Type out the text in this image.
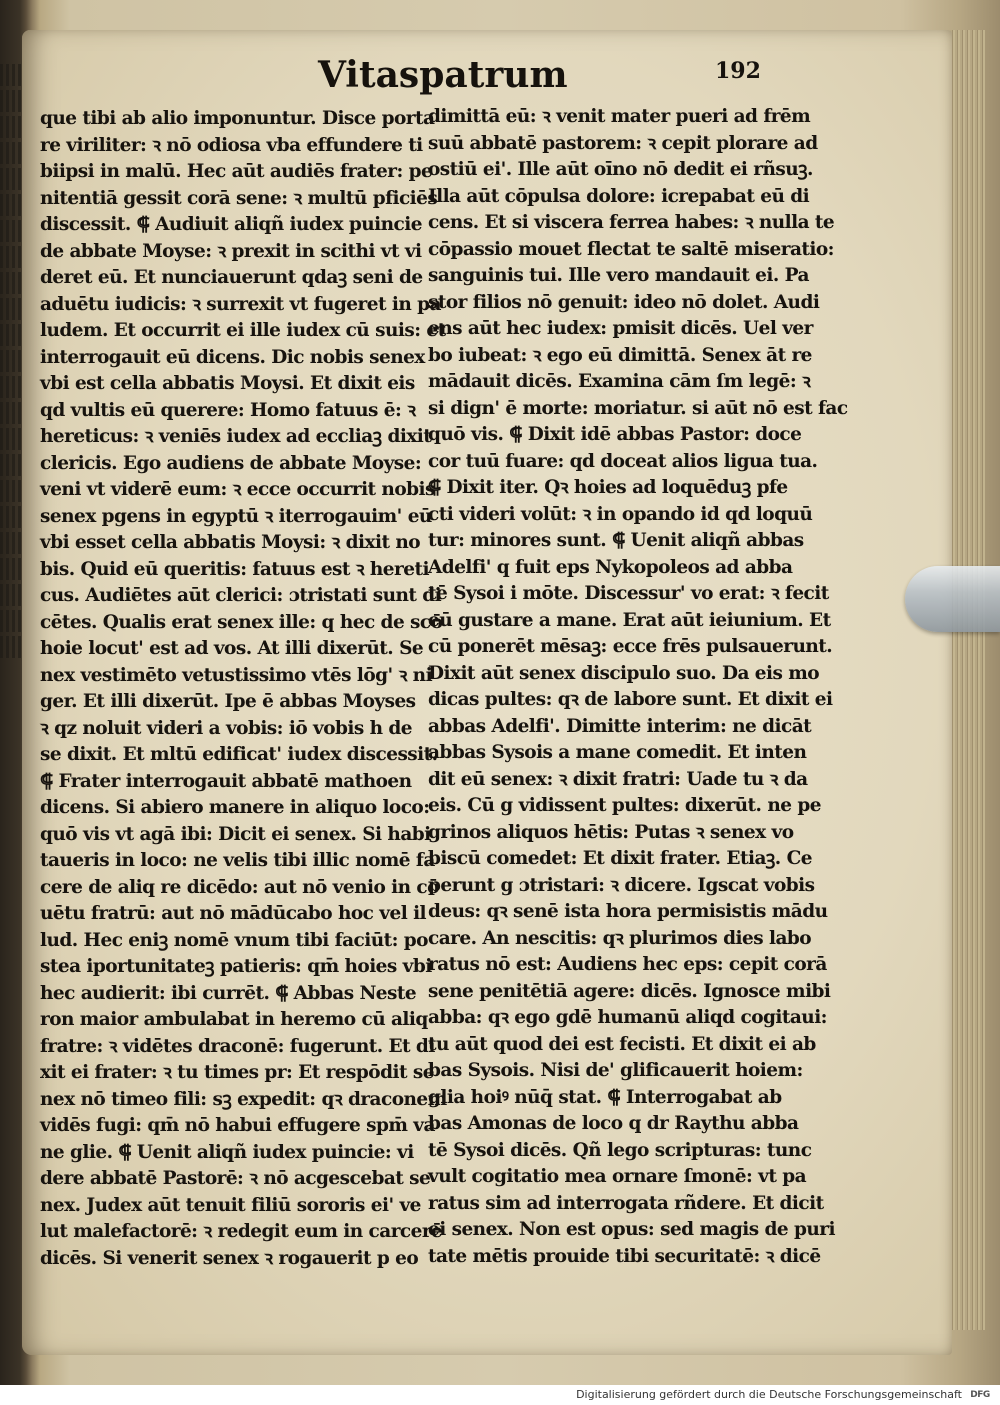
Vitaspatrum	192
que tibi ab alio imponuntur. Disce porta
re viriliter: ꝛ nō odiosa vba effundere ti
biipsi in malū. Hec aūt audiēs frater: pe
nitentiā gessit corā sene: ꝛ multū pficiēs
discessit. ⸿ Audiuit aliqñ iudex puincie
de abbate Moyse: ꝛ prexit in scithi vt vi
deret eū. Et nunciauerunt qdaꝫ seni de
aduētu iudicis: ꝛ surrexit vt fugeret in pa
ludem. Et occurrit ei ille iudex cū suis: et
interrogauit eū dicens. Dic nobis senex
vbi est cella abbatis Moysi. Et dixit eis
qd vultis eū querere: Homo fatuus ē: ꝛ
hereticus: ꝛ veniēs iudex ad eccliaꝫ dixit
clericis. Ego audiens de abbate Moyse:
veni vt viderē eum: ꝛ ecce occurrit nobis
senex pgens in egyptū ꝛ iterrogauim' eū
vbi esset cella abbatis Moysi: ꝛ dixit no
bis. Quid eū queritis: fatuus est ꝛ hereti
cus. Audiētes aūt clerici: ɔtristati sunt di
cētes. Qualis erat senex ille: q hec de scō
hoie locut' est ad vos. At illi dixerūt. Se
nex vestimēto vetustissimo vtēs lōg' ꝛ ni
ger. Et illi dixerūt. Ipe ē abbas Moyses
ꝛ qz noluit videri a vobis: iō vobis h de
se dixit. Et mltū edificat' iudex discessit.
⸿ Frater interrogauit abbatē mathoen
dicens. Si abiero manere in aliquo loco:
quō vis vt agā ibi: Dicit ei senex. Si habi
taueris in loco: ne velis tibi illic nomē fa
cere de aliq re dicēdo: aut nō venio in cō
uētu fratrū: aut nō mādūcabo hoc vel il
lud. Hec eniꝫ nomē vnum tibi faciūt: po
stea iportunitateꝫ patieris: qm̄ hoies vbi
hec audierit: ibi currēt. ⸿ Abbas Neste
ron maior ambulabat in heremo cū aliq
fratre: ꝛ vidētes draconē: fugerunt. Et di
xit ei frater: ꝛ tu times pr: Et respōdit se
nex nō timeo fili: sꝫ expedit: qꝛ draconem
vidēs fugi: qm̄ nō habui effugere spm̄ va
ne glie. ⸿ Uenit aliqñ iudex puincie: vi
dere abbatē Pastorē: ꝛ nō acgescebat se
nex. Judex aūt tenuit filiū sororis ei' ve
lut malefactorē: ꝛ redegit eum in carcerē
dicēs. Si venerit senex ꝛ rogauerit p eo
dimittā eū: ꝛ venit mater pueri ad frēm
suū abbatē pastorem: ꝛ cepit plorare ad
ostiū ei'. Ille aūt oīno nō dedit ei rñsuꝫ.
Illa aūt cōpulsa dolore: icrepabat eū di
cens. Et si viscera ferrea habes: ꝛ nulla te
cōpassio mouet flectat te saltē miseratio:
sanguinis tui. Ille vero mandauit ei. Pa
stor filios nō genuit: ideo nō dolet. Audi
ens aūt hec iudex: pmisit dicēs. Uel ver
bo iubeat: ꝛ ego eū dimittā. Senex āt re
mādauit dicēs. Examina cām ſm legē: ꝛ
si dign' ē morte: moriatur. si aūt nō est fac
quō vis. ⸿ Dixit idē abbas Pastor: doce
cor tuū fuare: qd doceat alios ligua tua.
⸿ Dixit iter. Qꝛ hoies ad loquēduꝫ pfe
cti videri volūt: ꝛ in opando id qd loquū
tur: minores sunt. ⸿ Uenit aliqñ abbas
Adelfi' q fuit eps Nykopoleos ad abba
tē Sysoi i mōte. Discessur' vo erat: ꝛ fecit
eū gustare a mane. Erat aūt ieiunium. Et
cū ponerēt mēsaꝫ: ecce frēs pulsauerunt.
Dixit aūt senex discipulo suo. Da eis mo
dicas pultes: qꝛ de labore sunt. Et dixit ei
abbas Adelfi'. Dimitte interim: ne dicāt
abbas Sysois a mane comedit. Et inten
dit eū senex: ꝛ dixit fratri: Uade tu ꝛ da
eis. Cū g vidissent pultes: dixerūt. ne pe
grinos aliquos hētis: Putas ꝛ senex vo
biscū comedet: Et dixit frater. Etiaꝫ. Ce
perunt g ɔtristari: ꝛ dicere. Igscat vobis
deus: qꝛ senē ista hora permisistis mādu
care. An nescitis: qꝛ plurimos dies labo
ratus nō est: Audiens hec eps: cepit corā
sene penitētiā agere: dicēs. Ignosce mibi
abba: qꝛ ego gdē humanū aliqd cogitaui:
tu aūt quod dei est fecisti. Et dixit ei ab
bas Sysois. Nisi de' glificauerit hoiem:
glia hoiꝰ nūq̄ stat. ⸿ Interrogabat ab
bas Amonas de loco q dr Raythu abba
tē Sysoi dicēs. Qñ lego scripturas: tunc
vult cogitatio mea ornare ſmonē: vt pa
ratus sim ad interrogata rñdere. Et dicit
ei senex. Non est opus: sed magis de puri
tate mētis prouide tibi securitatē: ꝛ dicē
Digitalisierung gefördert durch die Deutsche Forschungsgemeinschaft DFG
